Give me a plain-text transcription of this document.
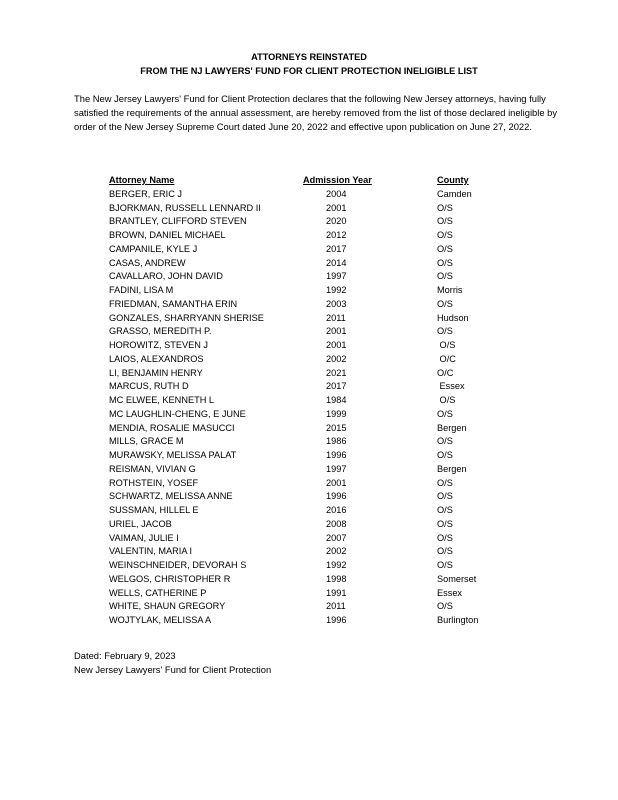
ATTORNEYS REINSTATED
FROM THE NJ LAWYERS' FUND FOR CLIENT PROTECTION INELIGIBLE LIST
The New Jersey Lawyers' Fund for Client Protection declares that the following New Jersey attorneys, having fully satisfied the requirements of the annual assessment, are hereby removed from the list of those declared ineligible by order of the New Jersey Supreme Court dated June 20, 2022 and effective upon publication on June 27, 2022.
Attorney Name	Admission Year	County
BERGER, ERIC J	2004	Camden
BJORKMAN, RUSSELL LENNARD II	2001	O/S
BRANTLEY, CLIFFORD STEVEN	2020	O/S
BROWN, DANIEL MICHAEL	2012	O/S
CAMPANILE, KYLE J	2017	O/S
CASAS, ANDREW	2014	O/S
CAVALLARO, JOHN DAVID	1997	O/S
FADINI, LISA M	1992	Morris
FRIEDMAN, SAMANTHA ERIN	2003	O/S
GONZALES, SHARRYANN SHERISE	2011	Hudson
GRASSO, MEREDITH P.	2001	O/S
HOROWITZ, STEVEN J	2001	O/S
LAIOS, ALEXANDROS	2002	O/C
LI, BENJAMIN HENRY	2021	O/C
MARCUS, RUTH D	2017	Essex
MC ELWEE, KENNETH L	1984	O/S
MC LAUGHLIN-CHENG, E JUNE	1999	O/S
MENDIA, ROSALIE MASUCCI	2015	Bergen
MILLS, GRACE M	1986	O/S
MURAWSKY, MELISSA PALAT	1996	O/S
REISMAN, VIVIAN G	1997	Bergen
ROTHSTEIN, YOSEF	2001	O/S
SCHWARTZ, MELISSA ANNE	1996	O/S
SUSSMAN, HILLEL E	2016	O/S
URIEL, JACOB	2008	O/S
VAIMAN, JULIE I	2007	O/S
VALENTIN, MARIA I	2002	O/S
WEINSCHNEIDER, DEVORAH S	1992	O/S
WELGOS, CHRISTOPHER R	1998	Somerset
WELLS, CATHERINE P	1991	Essex
WHITE, SHAUN GREGORY	2011	O/S
WOJTYLAK, MELISSA A	1996	Burlington
Dated: February 9, 2023
New Jersey Lawyers' Fund for Client Protection
